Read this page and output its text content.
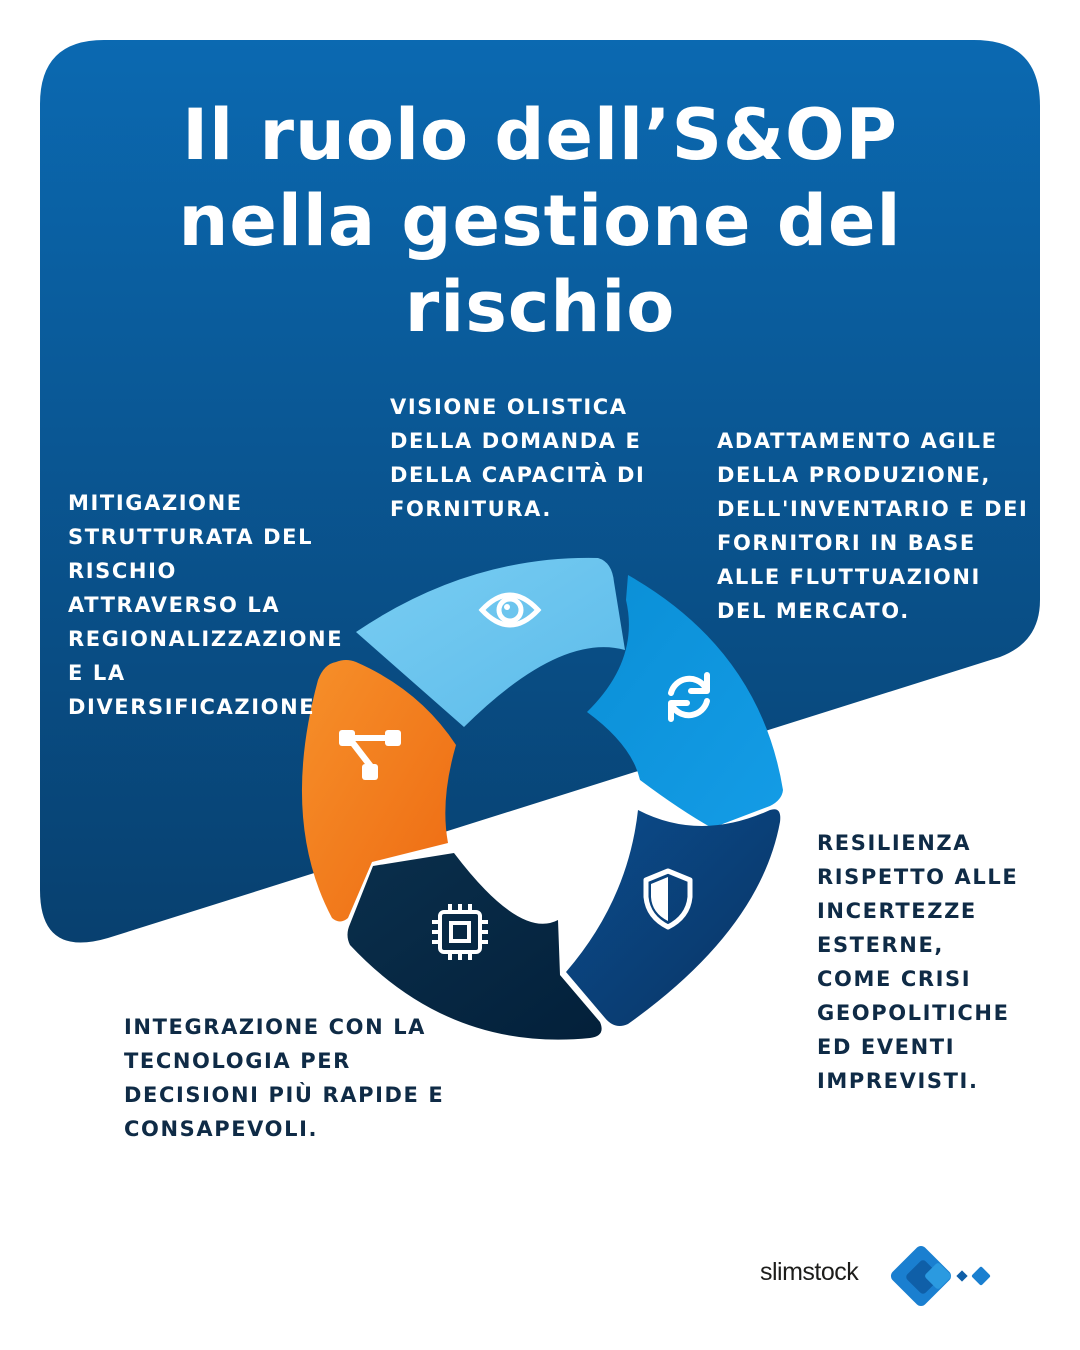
Il ruolo dell’S&OP
nella gestione del
rischio
VISIONE OLISTICA
DELLA DOMANDA E
DELLA CAPACITÀ DI
FORNITURA.
ADATTAMENTO AGILE
DELLA PRODUZIONE,
DELL'INVENTARIO E DEI
FORNITORI IN BASE
ALLE FLUTTUAZIONI
DEL MERCATO.
MITIGAZIONE
STRUTTURATA DEL
RISCHIO
ATTRAVERSO LA
REGIONALIZZAZIONE
E LA
DIVERSIFICAZIONE
RESILIENZA
RISPETTO ALLE
INCERTEZZE
ESTERNE,
COME CRISI
GEOPOLITICHE
ED EVENTI
IMPREVISTI.
INTEGRAZIONE CON LA
TECNOLOGIA PER
DECISIONI PIÙ RAPIDE E
CONSAPEVOLI.
slimstock
